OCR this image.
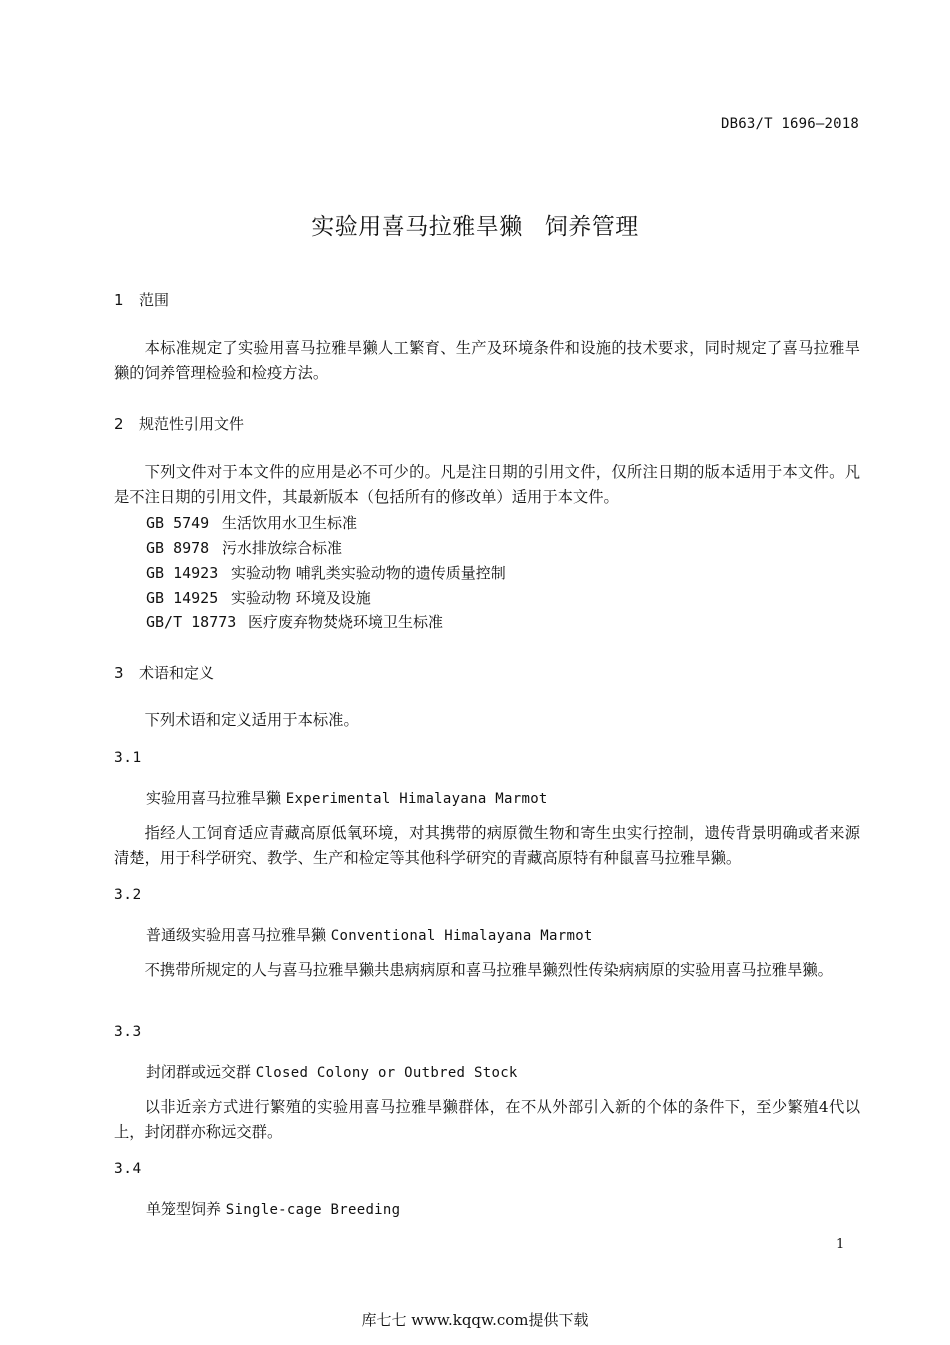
DB63/T 1696—2018
实验用喜马拉雅旱獭 饲养管理
1 范围
本标准规定了实验用喜马拉雅旱獭人工繁育、生产及环境条件和设施的技术要求，同时规定了喜马拉雅旱獭的饲养管理检验和检疫方法。
2 规范性引用文件
下列文件对于本文件的应用是必不可少的。凡是注日期的引用文件，仅所注日期的版本适用于本文件。凡是不注日期的引用文件，其最新版本（包括所有的修改单）适用于本文件。
GB 5749 生活饮用水卫生标准
GB 8978 污水排放综合标准
GB 14923 实验动物 哺乳类实验动物的遗传质量控制
GB 14925 实验动物 环境及设施
GB/T 18773 医疗废弃物焚烧环境卫生标准
3 术语和定义
下列术语和定义适用于本标准。
3.1
实验用喜马拉雅旱獭 Experimental Himalayana Marmot
指经人工饲育适应青藏高原低氧环境，对其携带的病原微生物和寄生虫实行控制，遗传背景明确或者来源清楚，用于科学研究、教学、生产和检定等其他科学研究的青藏高原特有种鼠喜马拉雅旱獭。
3.2
普通级实验用喜马拉雅旱獭 Conventional Himalayana Marmot
不携带所规定的人与喜马拉雅旱獭共患病病原和喜马拉雅旱獭烈性传染病病原的实验用喜马拉雅旱獭。
3.3
封闭群或远交群 Closed Colony or Outbred Stock
以非近亲方式进行繁殖的实验用喜马拉雅旱獭群体，在不从外部引入新的个体的条件下，至少繁殖4代以上，封闭群亦称远交群。
3.4
单笼型饲养 Single-cage Breeding
1
库七七 www.kqqw.com提供下载
